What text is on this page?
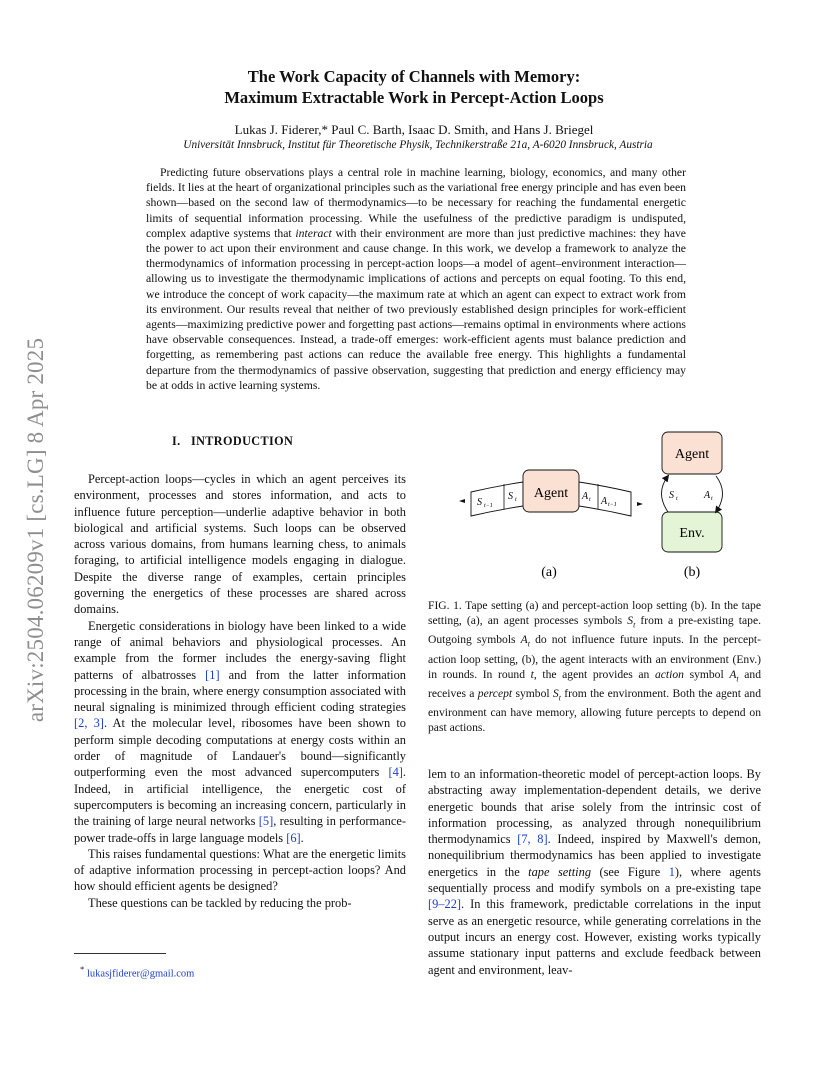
arXiv:2504.06209v1 [cs.LG] 8 Apr 2025
The Work Capacity of Channels with Memory:
Maximum Extractable Work in Percept-Action Loops
Lukas J. Fiderer,* Paul C. Barth, Isaac D. Smith, and Hans J. Briegel
Universität Innsbruck, Institut für Theoretische Physik, Technikerstraße 21a, A-6020 Innsbruck, Austria
Predicting future observations plays a central role in machine learning, biology, economics, and many other fields. It lies at the heart of organizational principles such as the variational free energy principle and has even been shown—based on the second law of thermodynamics—to be necessary for reaching the fundamental energetic limits of sequential information processing. While the usefulness of the predictive paradigm is undisputed, complex adaptive systems that interact with their environment are more than just predictive machines: they have the power to act upon their environment and cause change. In this work, we develop a framework to analyze the thermodynamics of information processing in percept-action loops—a model of agent–environment interaction—allowing us to investigate the thermodynamic implications of actions and percepts on equal footing. To this end, we introduce the concept of work capacity—the maximum rate at which an agent can expect to extract work from its environment. Our results reveal that neither of two previously established design principles for work-efficient agents—maximizing predictive power and forgetting past actions—remains optimal in environments where actions have observable consequences. Instead, a trade-off emerges: work-efficient agents must balance prediction and forgetting, as remembering past actions can reduce the available free energy. This highlights a fundamental departure from the thermodynamics of passive observation, suggesting that prediction and energy efficiency may be at odds in active learning systems.
I. INTRODUCTION

Percept-action loops—cycles in which an agent perceives its environment, processes and stores information, and acts to influence future perception—underlie adaptive behavior in both biological and artificial systems. Such loops can be observed across various domains, from humans learning chess, to animals foraging, to artificial intelligence models engaging in dialogue. Despite the diverse range of examples, certain principles governing the energetics of these processes are shared across domains.

Energetic considerations in biology have been linked to a wide range of animal behaviors and physiological processes. An example from the former includes the energy-saving flight patterns of albatrosses [1] and from the latter information processing in the brain, where energy consumption associated with neural signaling is minimized through efficient coding strategies [2, 3]. At the molecular level, ribosomes have been shown to perform simple decoding computations at energy costs within an order of magnitude of Landauer's bound—significantly outperforming even the most advanced supercomputers [4]. Indeed, in artificial intelligence, the energetic cost of supercomputers is becoming an increasing concern, particularly in the training of large neural networks [5], resulting in performance-power trade-offs in large language models [6].

This raises fundamental questions: What are the energetic limits of adaptive information processing in percept-action loops? And how should efficient agents be designed?

These questions can be tackled by reducing the prob-

S t−1
S t Agent A t A t−1
(a)
Agent
Env.
S t	A t
(b)
FIG. 1. Tape setting (a) and percept-action loop setting (b). In the tape setting, (a), an agent processes symbols $S_t$ from a pre-existing tape. Outgoing symbols $A_t$ do not influence future inputs. In the percept-action loop setting, (b), the agent interacts with an environment (Env.) in rounds. In round t, the agent provides an action symbol $A_t$ and receives a percept symbol $S_t$ from the environment. Both the agent and environment can have memory, allowing future percepts to depend on past actions.

lem to an information-theoretic model of percept-action loops. By abstracting away implementation-dependent details, we derive energetic bounds that arise solely from the intrinsic cost of information processing, as analyzed through nonequilibrium thermodynamics [7, 8]. Indeed, inspired by Maxwell's demon, nonequilibrium thermodynamics has been applied to investigate energetics in the tape setting (see Figure 1), where agents sequentially process and modify symbols on a pre-existing tape [9–22]. In this framework, predictable correlations in the input serve as an energetic resource, while generating correlations in the output incurs an energy cost. However, existing works typically assume stationary input patterns and exclude feedback between agent and environment, leav-

* lukasjfiderer@gmail.com
